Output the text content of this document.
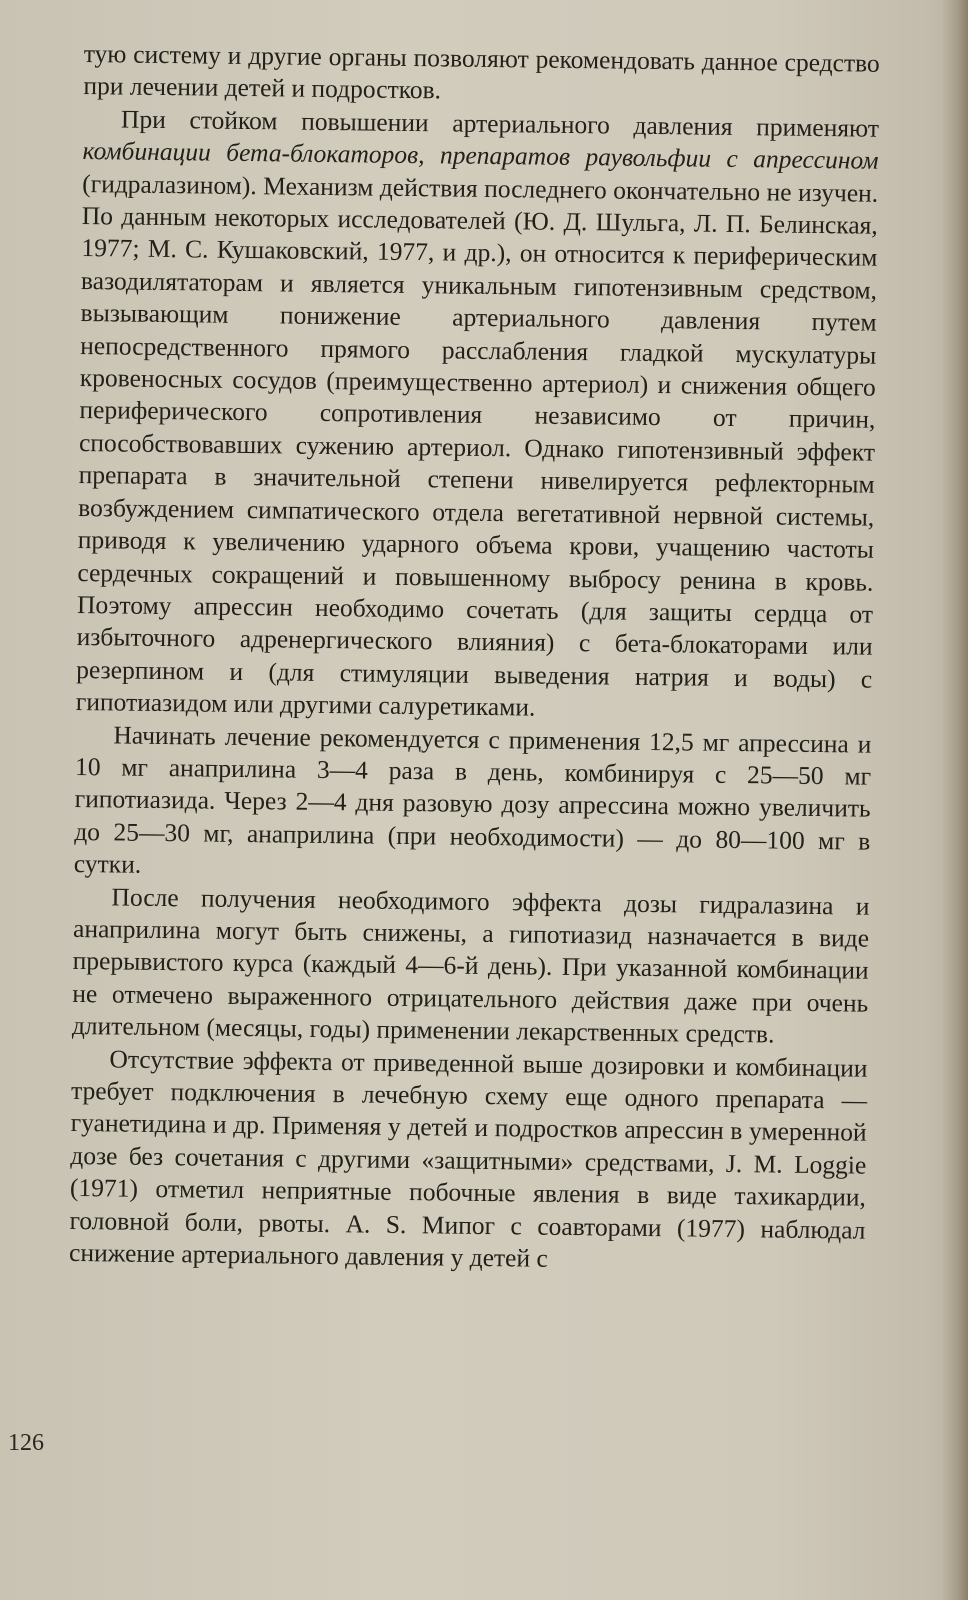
тую систему и другие органы позволяют рекомендовать данное средство при лечении детей и подростков.

При стойком повышении артериального давления применяют комбинации бета-блокаторов, препаратов раувольфии с апрессином (гидралазином). Механизм действия последнего окончательно не изучен. По данным некоторых исследователей (Ю. Д. Шульга, Л. П. Белинская, 1977; М. С. Кушаковский, 1977, и др.), он относится к периферическим вазодилятаторам и является уникальным гипотензивным средством, вызывающим понижение артериального давления путем непосредственного прямого расслабления гладкой мускулатуры кровеносных сосудов (преимущественно артериол) и снижения общего периферического сопротивления независимо от причин, способствовавших сужению артериол. Однако гипотензивный эффект препарата в значительной степени нивелируется рефлекторным возбуждением симпатического отдела вегетативной нервной системы, приводя к увеличению ударного объема крови, учащению частоты сердечных сокращений и повышенному выбросу ренина в кровь. Поэтому апрессин необходимо сочетать (для защиты сердца от избыточного адренергического влияния) с бета-блокаторами или резерпином и (для стимуляции выведения натрия и воды) с гипотиазидом или другими салуретиками.

Начинать лечение рекомендуется с применения 12,5 мг апрессина и 10 мг анаприлина 3—4 раза в день, комбинируя с 25—50 мг гипотиазида. Через 2—4 дня разовую дозу апрессина можно увеличить до 25—30 мг, анаприлина (при необходимости) — до 80—100 мг в сутки.

После получения необходимого эффекта дозы гидралазина и анаприлина могут быть снижены, а гипотиазид назначается в виде прерывистого курса (каждый 4—6-й день). При указанной комбинации не отмечено выраженного отрицательного действия даже при очень длительном (месяцы, годы) применении лекарственных средств.

Отсутствие эффекта от приведенной выше дозировки и комбинации требует подключения в лечебную схему еще одного препарата — гуанетидина и др. Применяя у детей и подростков апрессин в умеренной дозе без сочетания с другими «защитными» средствами, J. M. Loggie (1971) отметил неприятные побочные явления в виде тахикардии, головной боли, рвоты. A. S. Mипог с соавторами (1977) наблюдал снижение артериального давления у детей с

126
